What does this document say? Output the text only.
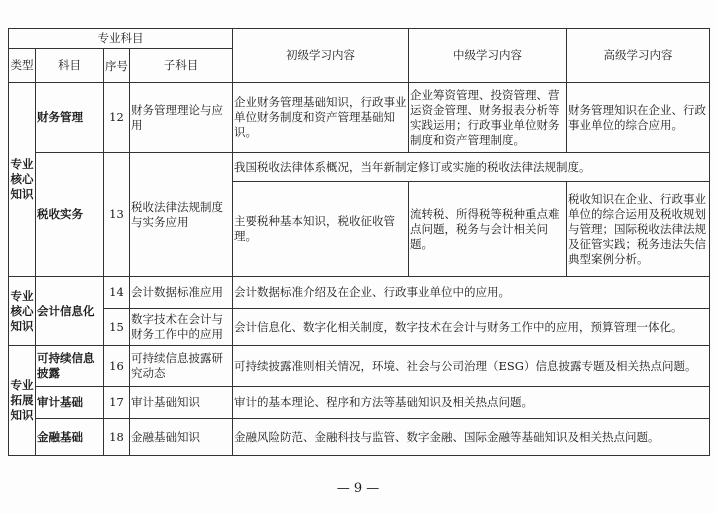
专业科目				初级学习内容	中级学习内容	高级学习内容
类型	科目	序号	子科目			
专业核心知识	财务管理	12	财务管理理论与应用	企业财务管理基础知识，行政事业单位财务制度和资产管理基础知识。	企业筹资管理、投资管理、营运资金管理、财务报表分析等实践运用；行政事业单位财务制度和资产管理制度。	财务管理知识在企业、行政事业单位的综合应用。
	税收实务	13	税收法律法规制度与实务应用	我国税收法律体系概况，当年新制定修订或实施的税收法律法规制度。		
				主要税种基本知识，税收征收管理。	流转税、所得税等税种重点难点问题，税务与会计相关问题。	税收知识在企业、行政事业单位的综合运用及税收规划与管理；国际税收法律法规及征管实践；税务违法失信典型案例分析。
专业核心知识	会计信息化	14	会计数据标准应用	会计数据标准介绍及在企业、行政事业单位中的应用。		
		15	数字技术在会计与财务工作中的应用	会计信息化、数字化相关制度，数字技术在会计与财务工作中的应用，预算管理一体化。		
专业拓展知识	可持续信息披露	16	可持续信息披露研究动态	可持续披露准则相关情况，环境、社会与公司治理（ESG）信息披露专题及相关热点问题。		
	审计基础	17	审计基础知识	审计的基本理论、程序和方法等基础知识及相关热点问题。		
	金融基础	18	金融基础知识	金融风险防范、金融科技与监管、数字金融、国际金融等基础知识及相关热点问题。		
— 9 —
